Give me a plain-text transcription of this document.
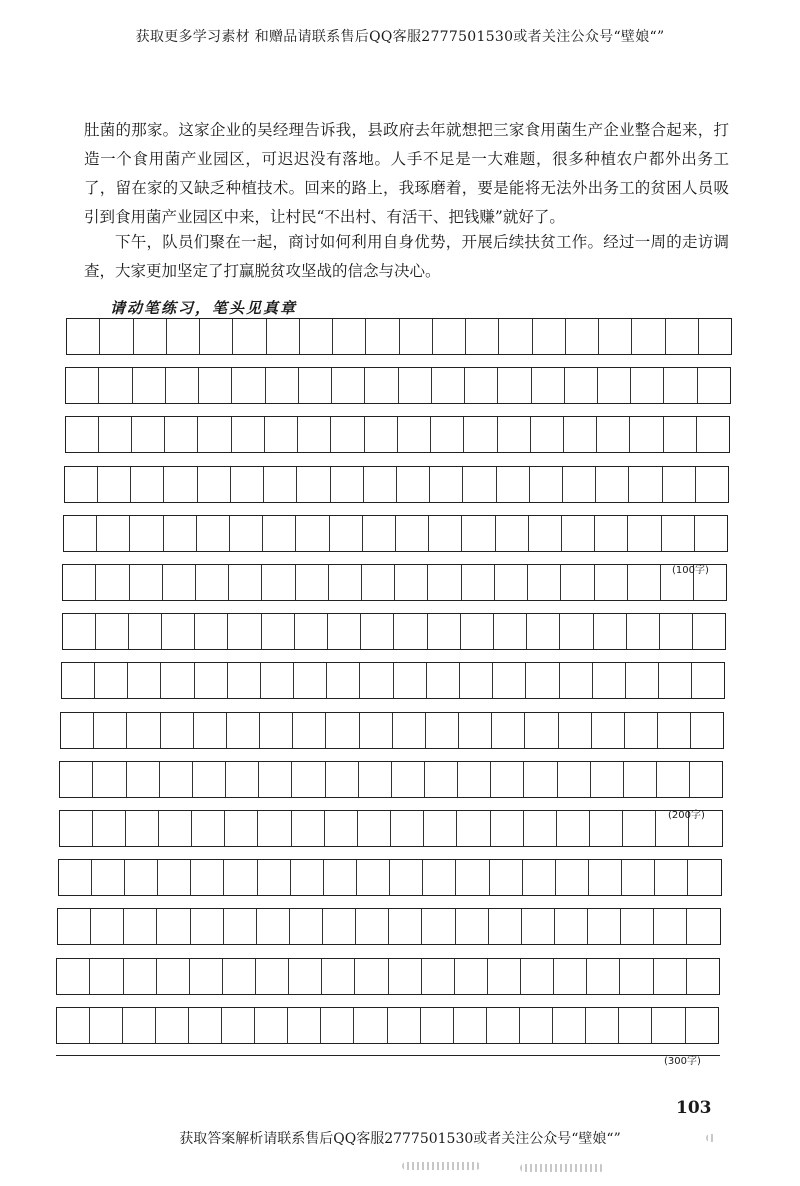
获取更多学习素材 和赠品请联系售后QQ客服2777501530或者关注公众号“壁娘“”
肚菌的那家。这家企业的吴经理告诉我，县政府去年就想把三家食用菌生产企业整合起来，打造一个食用菌产业园区，可迟迟没有落地。人手不足是一大难题，很多种植农户都外出务工了，留在家的又缺乏种植技术。回来的路上，我琢磨着，要是能将无法外出务工的贫困人员吸引到食用菌产业园区中来，让村民“不出村、有活干、把钱赚”就好了。
下午，队员们聚在一起，商讨如何利用自身优势，开展后续扶贫工作。经过一周的走访调查，大家更加坚定了打赢脱贫攻坚战的信念与决心。
请动笔练习，笔头见真章
(100字)
(200字)
(300字)
103
获取答案解析请联系售后QQ客服2777501530或者关注公众号“壁娘“”
